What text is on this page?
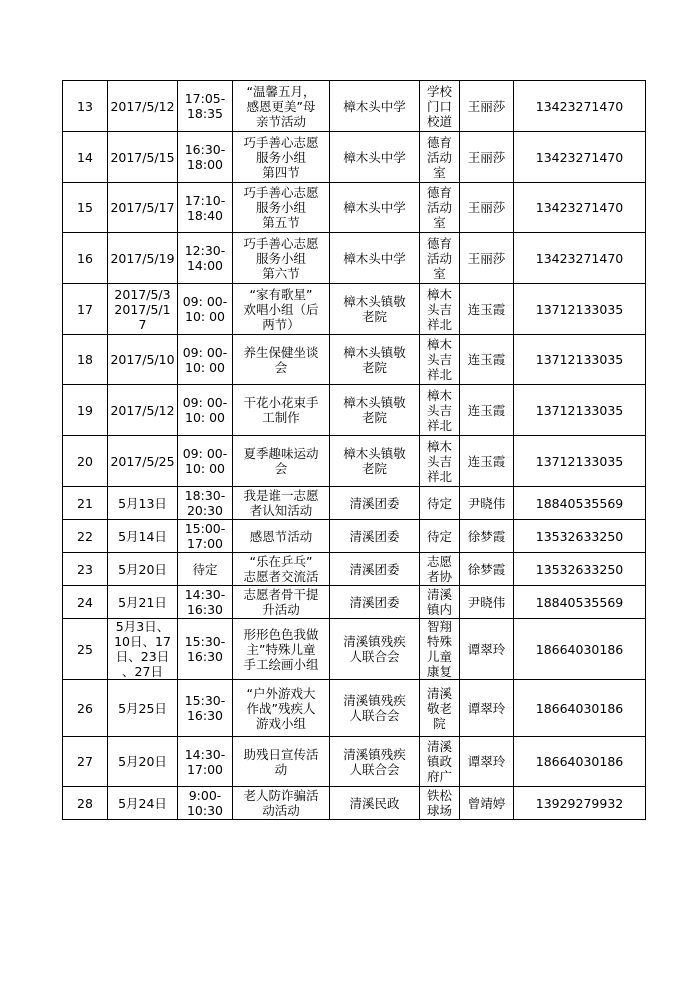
13	2017/5/12	17:05-
18:35	“温馨五月，
感恩更美”母
亲节活动	樟木头中学	学校
门口
校道	王丽莎	13423271470
14	2017/5/15	16:30-
18:00	巧手善心志愿
服务小组
第四节	樟木头中学	德育
活动
室	王丽莎	13423271470
15	2017/5/17	17:10-
18:40	巧手善心志愿
服务小组
第五节	樟木头中学	德育
活动
室	王丽莎	13423271470
16	2017/5/19	12:30-
14:00	巧手善心志愿
服务小组
第六节	樟木头中学	德育
活动
室	王丽莎	13423271470
17	2017/5/3
2017/5/1
7	09: 00-
10: 00	“家有歌星”
欢唱小组（后
两节）	樟木头镇敬
老院	樟木
头吉
祥北	连玉霞	13712133035
18	2017/5/10	09: 00-
10: 00	养生保健坐谈
会	樟木头镇敬
老院	樟木
头吉
祥北	连玉霞	13712133035
19	2017/5/12	09: 00-
10: 00	干花小花束手
工制作	樟木头镇敬
老院	樟木
头吉
祥北	连玉霞	13712133035
20	2017/5/25	09: 00-
10: 00	夏季趣味运动
会	樟木头镇敬
老院	樟木
头吉
祥北	连玉霞	13712133035
21	5月13日	18:30-
20:30	我是谁一志愿
者认知活动	清溪团委	待定	尹晓伟	18840535569
22	5月14日	15:00-
17:00	感恩节活动	清溪团委	待定	徐梦霞	13532633250
23	5月20日	待定	“乐在乒乓”
志愿者交流活	清溪团委	志愿
者协	徐梦霞	13532633250
24	5月21日	14:30-
16:30	志愿者骨干提
升活动	清溪团委	清溪
镇内	尹晓伟	18840535569
25	5月3日、
10日、17
日、23日
、27日	15:30-
16:30	形形色色我做
主”特殊儿童
手工绘画小组	清溪镇残疾
人联合会	智翔
特殊
儿童
康复	谭翠玲	18664030186
26	5月25日	15:30-
16:30	“户外游戏大
作战”残疾人
游戏小组	清溪镇残疾
人联合会	清溪
敬老
院	谭翠玲	18664030186
27	5月20日	14:30-
17:00	助残日宣传活
动	清溪镇残疾
人联合会	清溪
镇政
府广	谭翠玲	18664030186
28	5月24日	9:00-
10:30	老人防诈骗活
动活动	清溪民政	铁松
球场	曾靖婷	13929279932
